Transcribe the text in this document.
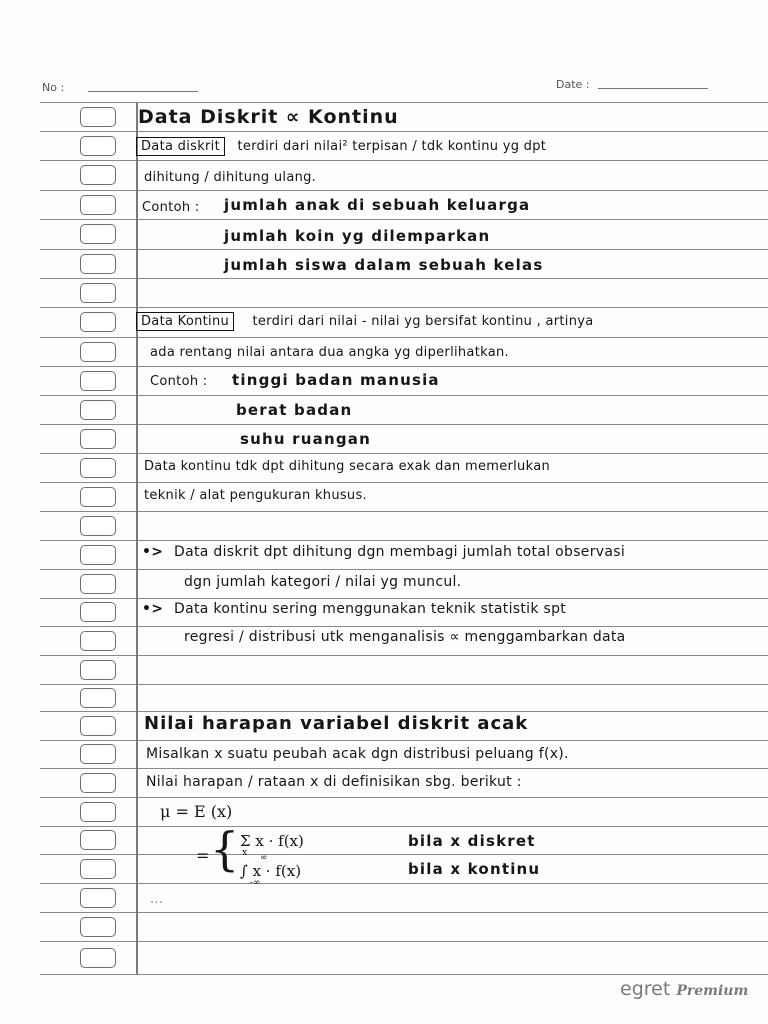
No :	Date :
Data Diskrit ∝ Kontinu
Data diskrit terdiri dari nilai² terpisan / tdk kontinu yg dpt
dihitung / dihitung ulang.
Contoh : jumlah anak di sebuah keluarga
jumlah koin yg dilemparkan
jumlah siswa dalam sebuah kelas
Data Kontinu terdiri dari nilai - nilai yg bersifat kontinu , artinya
ada rentang nilai antara dua angka yg diperlihatkan.
Contoh : tinggi badan manusia
berat badan
suhu ruangan
Data kontinu tdk dpt dihitung secara exak dan memerlukan
teknik / alat pengukuran khusus.
•> Data diskrit dpt dihitung dgn membagi jumlah total observasi
dgn jumlah kategori / nilai yg muncul.
•> Data kontinu sering menggunakan teknik statistik spt
regresi / distribusi utk menganalisis ∝ menggambarkan data
Nilai harapan variabel diskrit acak
Misalkan x suatu peubah acak dgn distribusi peluang f(x).
Nilai harapan / rataan x di definisikan sbg. berikut :
μ = E (x)
= { Σ x · f(x)
x
∫ x · f(x)
∞
-∞
bila x diskret
bila x kontinu
...
egret Premium
